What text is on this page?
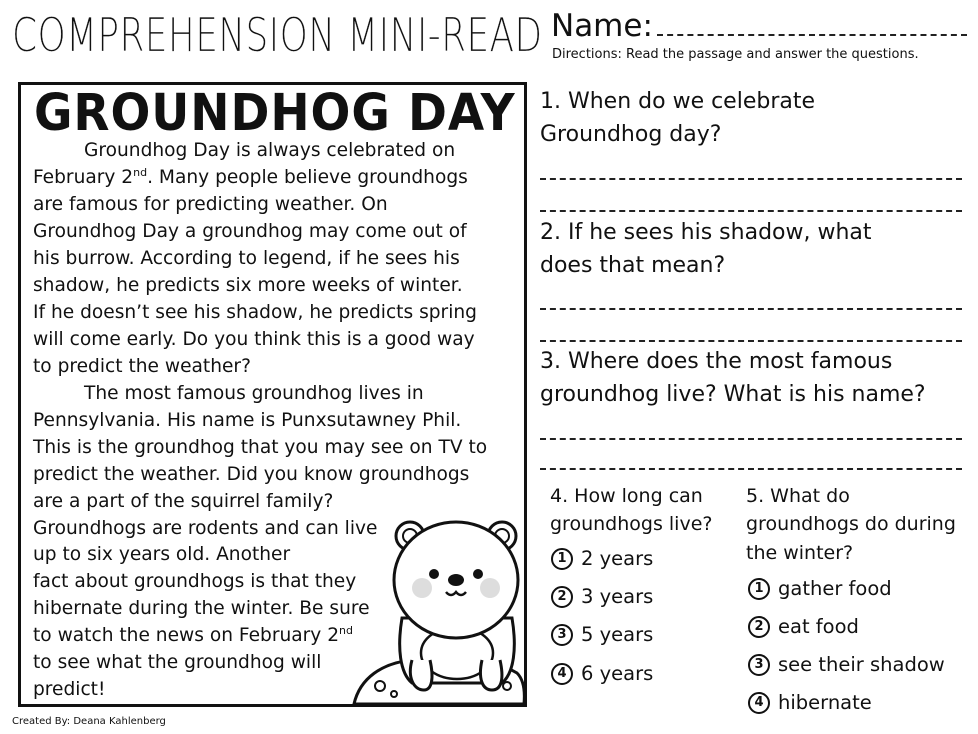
COMPREHENSION MINI-READ Name:
Directions: Read the passage and answer the questions.
GROUNDHOG DAY
Groundhog Day is always celebrated on
February 2nd. Many people believe groundhogs
are famous for predicting weather. On
Groundhog Day a groundhog may come out of
his burrow. According to legend, if he sees his
shadow, he predicts six more weeks of winter.
If he doesn’t see his shadow, he predicts spring
will come early. Do you think this is a good way
to predict the weather?
The most famous groundhog lives in
Pennsylvania. His name is Punxsutawney Phil.
This is the groundhog that you may see on TV to
predict the weather. Did you know groundhogs
are a part of the squirrel family?
Groundhogs are rodents and can live
up to six years old. Another
fact about groundhogs is that they
hibernate during the winter. Be sure
to watch the news on February 2nd
to see what the groundhog will
predict!
1. When do we celebrate
Groundhog day?
2. If he sees his shadow, what
does that mean?
3. Where does the most famous
groundhog live? What is his name?
4. How long can
groundhogs live?
1 2 years
2 3 years
3 5 years
4 6 years
5. What do
groundhogs do during
the winter?
1 gather food
2 eat food
3 see their shadow
4 hibernate
Created By: Deana Kahlenberg
